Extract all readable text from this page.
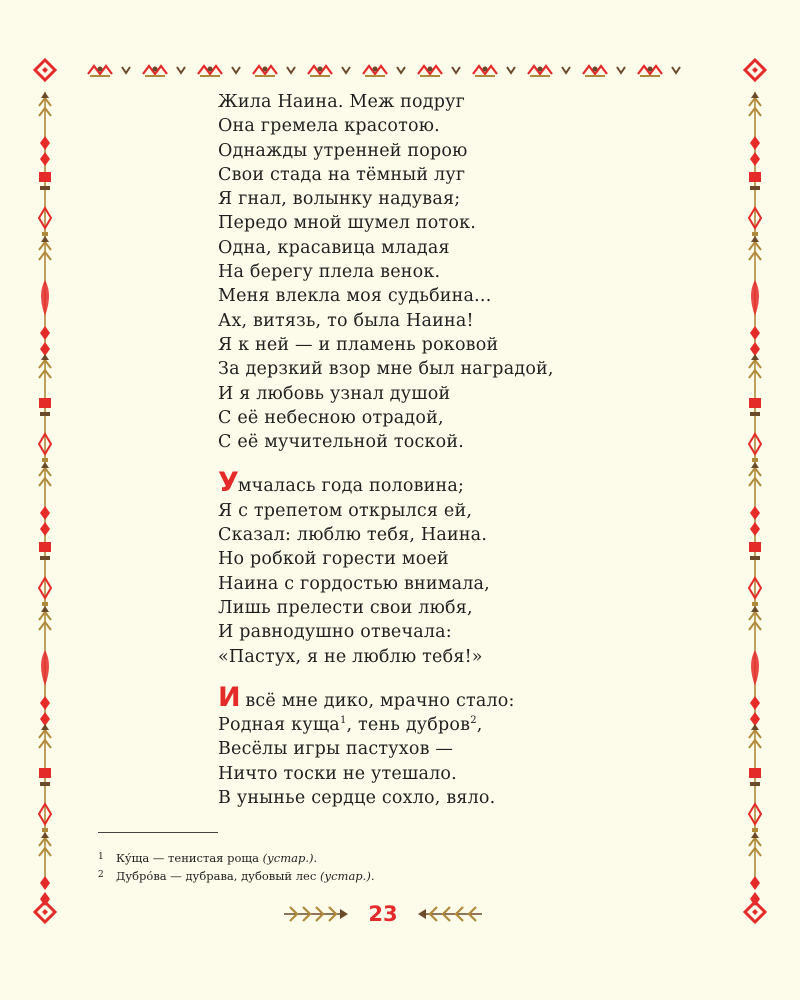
Жила Наина. Меж подруг
Она гремела красотою.
Однажды утренней порою
Свои стада на тёмный луг
Я гнал, волынку надувая;
Передо мной шумел поток.
Одна, красавица младая
На берегу плела венок.
Меня влекла моя судьбина...
Ах, витязь, то была Наина!
Я к ней — и пламень роковой
За дерзкий взор мне был наградой,
И я любовь узнал душой
С её небесною отрадой,
С её мучительной тоской.
Умчалась года половина;
Я с трепетом открылся ей,
Сказал: люблю тебя, Наина.
Но робкой горести моей
Наина с гордостью внимала,
Лишь прелести свои любя,
И равнодушно отвечала:
«Пастух, я не люблю тебя!»
И всё мне дико, мрачно стало:
Родная куща$^1$, тень дубров$^2$,
Весёлы игры пастухов —
Ничто тоски не утешало.
В унынье сердце сохло, вяло.
1 Ку́ща — тенистая роща (устар.).
2 Дубро́ва — дубрава, дубовый лес (устар.).
23
